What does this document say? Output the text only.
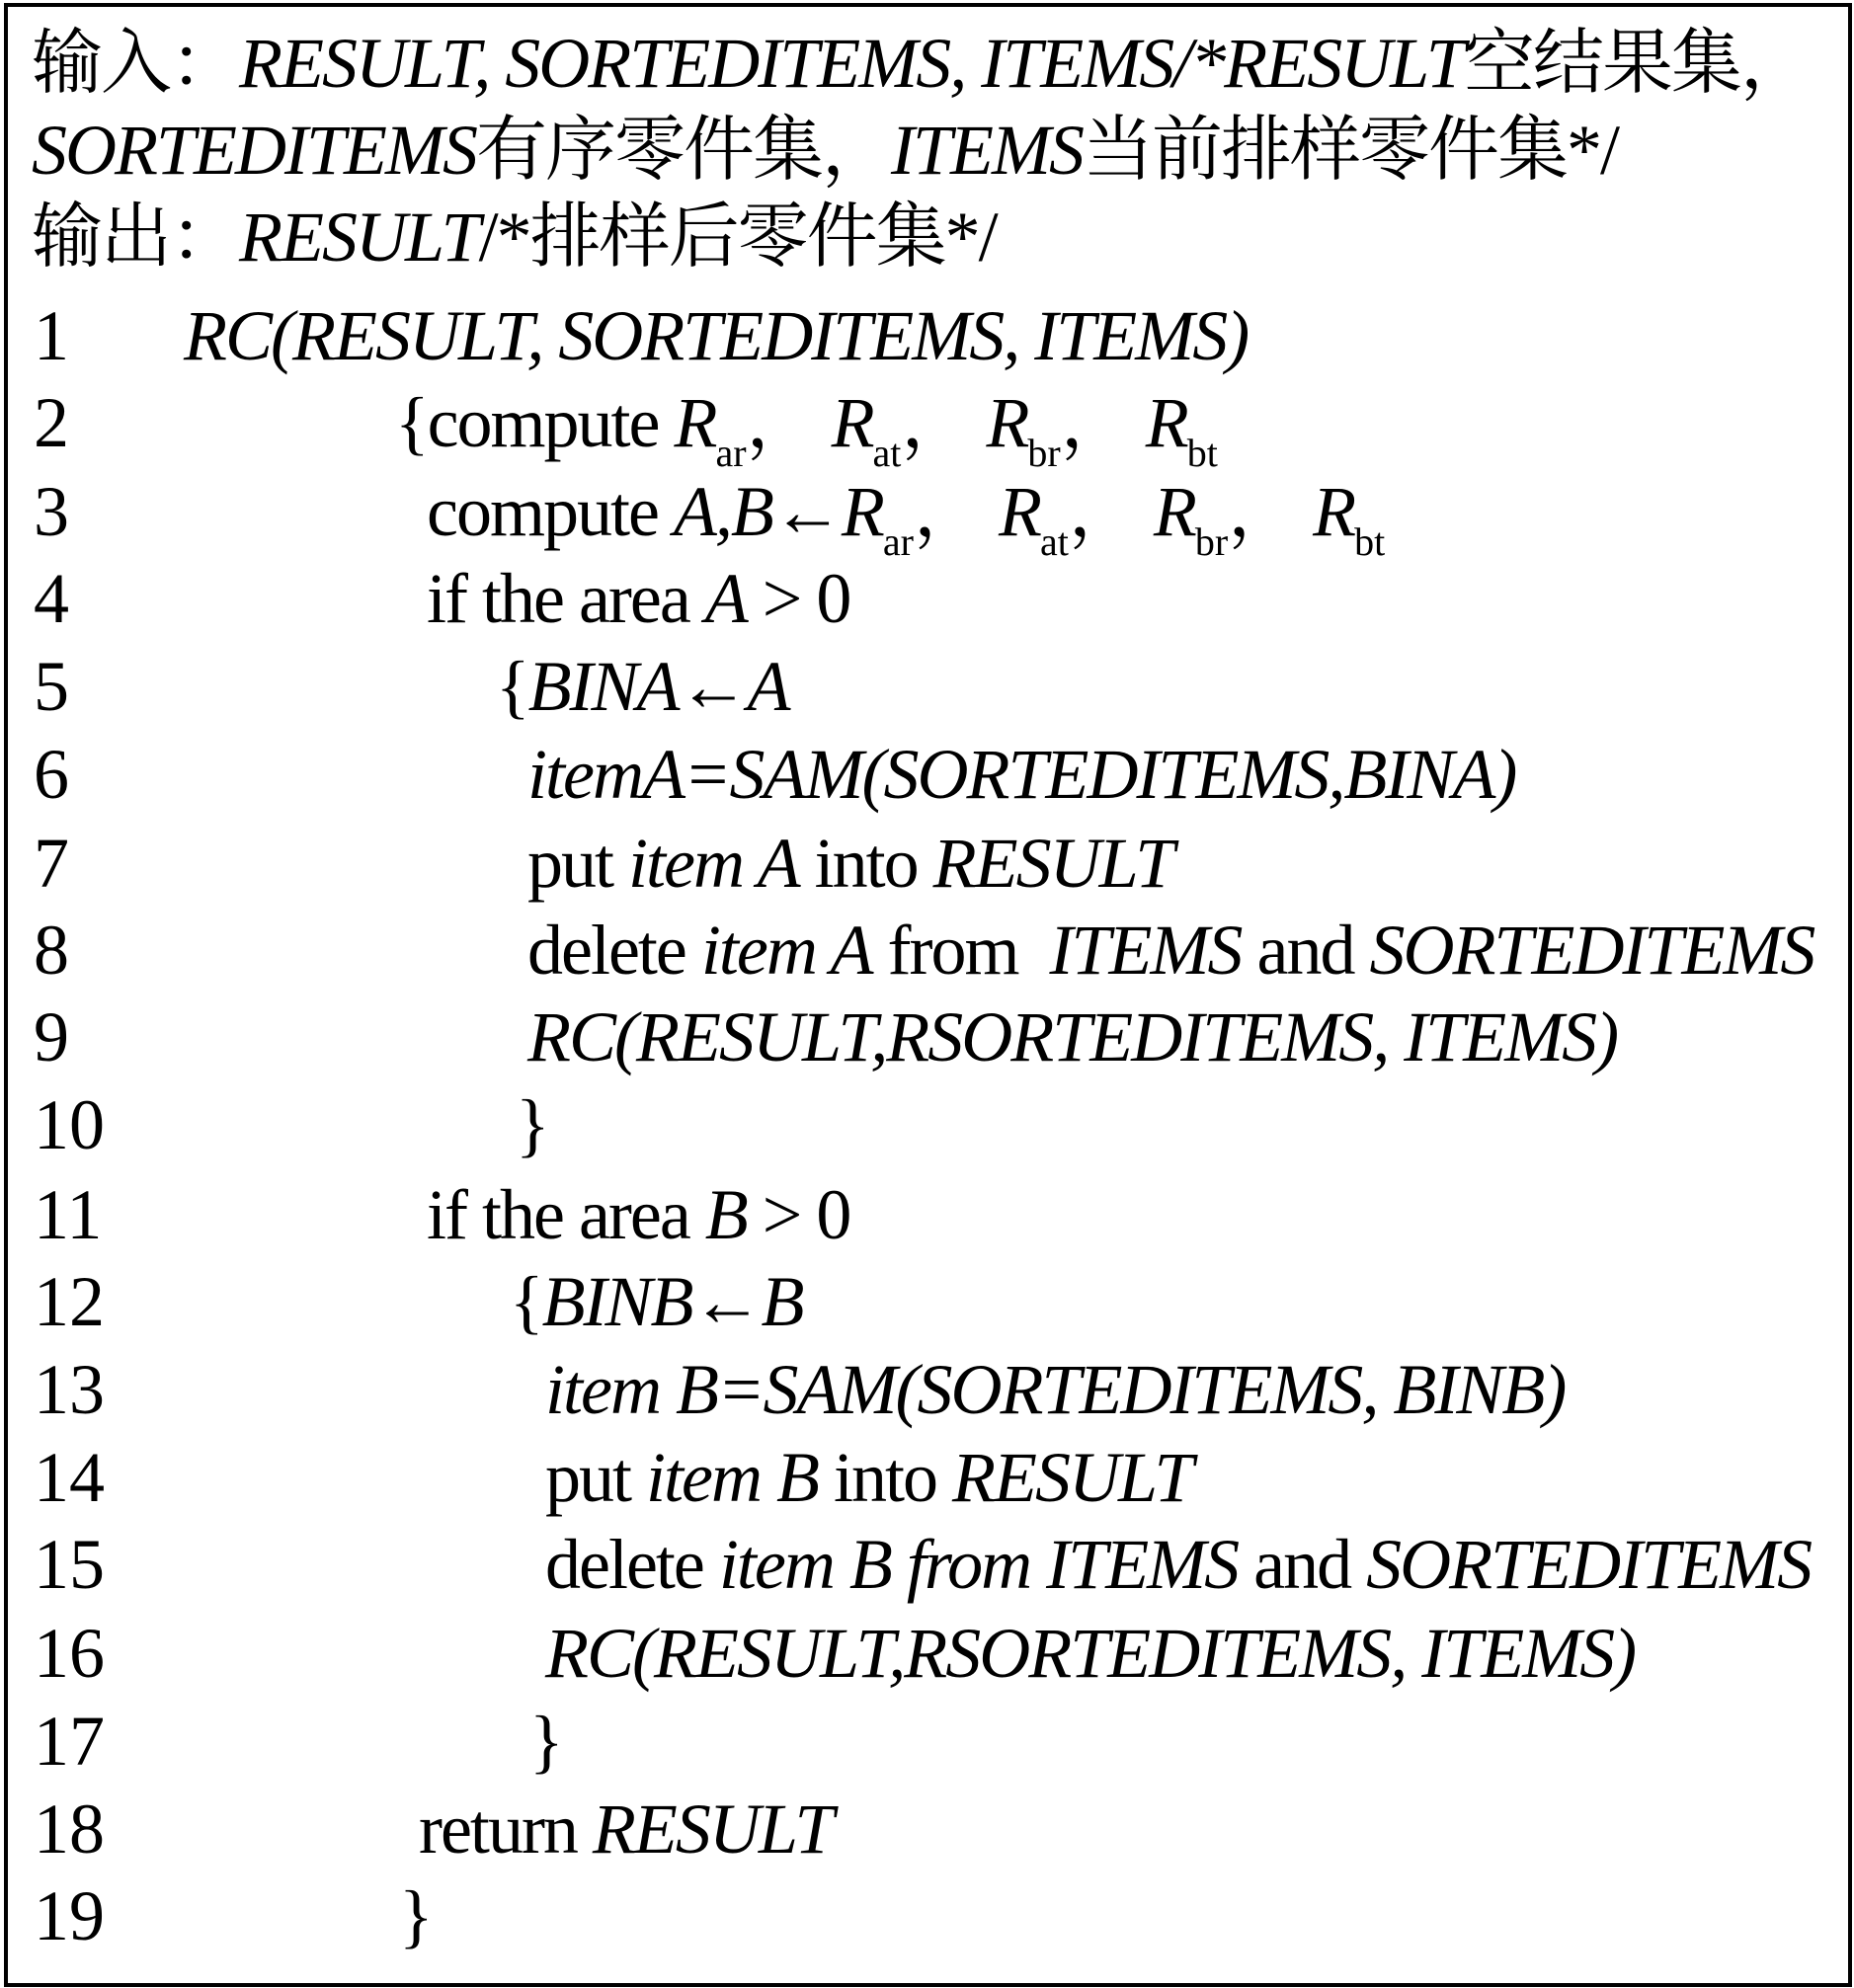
输入：RESULT, SORTEDITEMS, ITEMS/*RESULT空结果集，
SORTEDITEMS有序零件集，ITEMS当前排样零件集*/
输出：RESULT/*排样后零件集*/
1
2
3
4
5
6
7
8
9
10
11
12
13
14
15
16
17
18
19
RC(RESULT, SORTEDITEMS, ITEMS)
{compute $R_{ar}$， $R_{at}$， $R_{br}$， $R_{bt}$
compute $A,B\leftarrow R_{ar}$， $R_{at}$， $R_{br}$， $R_{bt}$
if the area A > 0
{BINA←A
itemA=SAM(SORTEDITEMS,BINA)
put item A into RESULT
delete item A from  ITEMS and SORTEDITEMS
RC(RESULT,RSORTEDITEMS, ITEMS)
}
if the area B > 0
{BINB←B
item B=SAM(SORTEDITEMS, BINB)
put item B into RESULT
delete item B from ITEMS and SORTEDITEMS
RC(RESULT,RSORTEDITEMS, ITEMS)
}
return RESULT
}
